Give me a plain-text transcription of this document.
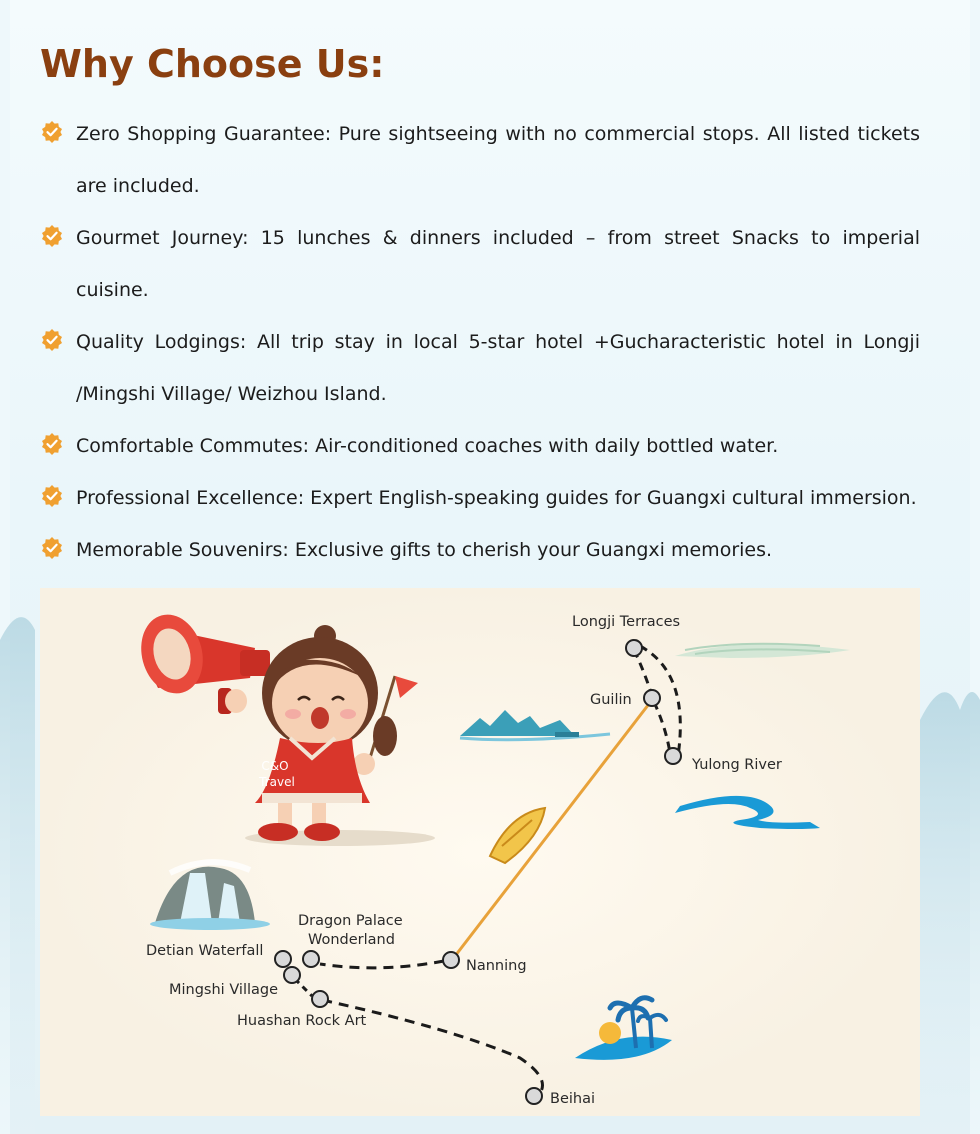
Why Choose Us:
Zero Shopping Guarantee: Pure sightseeing with no commercial stops. All listed tickets are included.
Gourmet Journey: 15 lunches & dinners included – from street Snacks to imperial cuisine.
Quality Lodgings: All trip stay in local 5-star hotel +Gucharacteristic hotel in Longji /Mingshi Village/ Weizhou Island.
Comfortable Commutes: Air-conditioned coaches with daily bottled water.
Professional Excellence: Expert English-speaking guides for Guangxi cultural immersion.
Memorable Souvenirs: Exclusive gifts to cherish your Guangxi memories.
C&O
Travel
Longji Terraces
Guilin
Yulong River
Dragon Palace
Wonderland
Detian Waterfall
Nanning
Mingshi Village
Huashan Rock Art
Beihai
